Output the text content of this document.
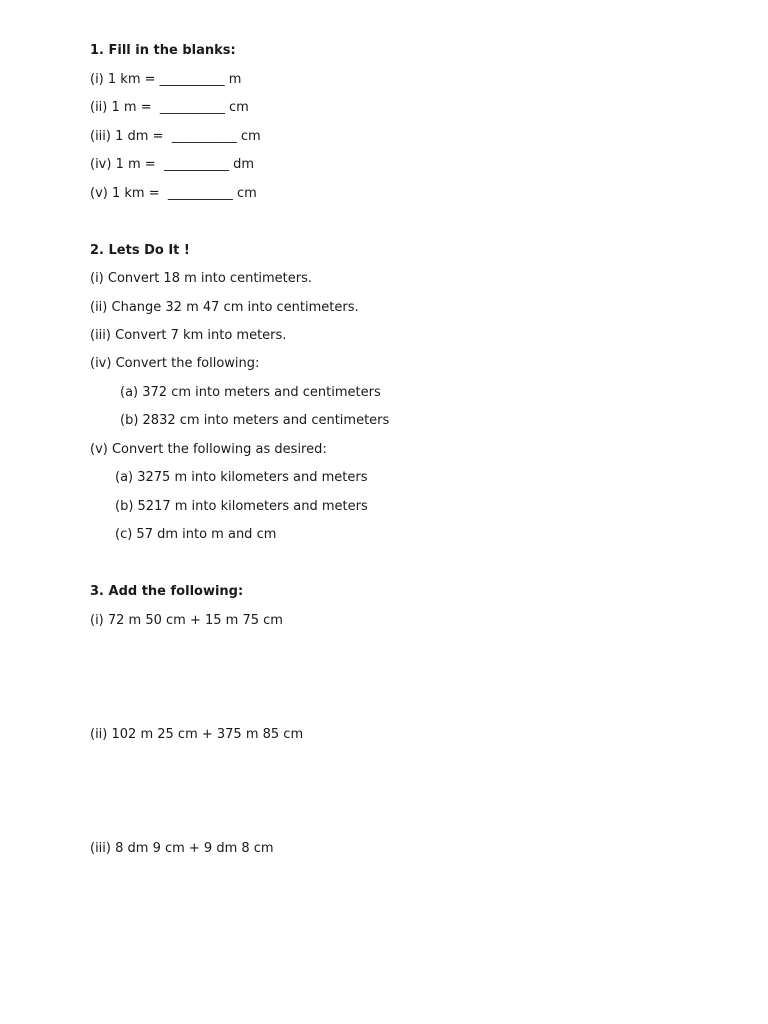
1. Fill in the blanks:
(i) 1 km = __________ m
(ii) 1 m =  __________ cm
(iii) 1 dm =  __________ cm
(iv) 1 m =  __________ dm
(v) 1 km =  __________ cm
2. Lets Do It !
(i) Convert 18 m into centimeters.
(ii) Change 32 m 47 cm into centimeters.
(iii) Convert 7 km into meters.
(iv) Convert the following:
(a) 372 cm into meters and centimeters
(b) 2832 cm into meters and centimeters
(v) Convert the following as desired:
(a) 3275 m into kilometers and meters
(b) 5217 m into kilometers and meters
(c) 57 dm into m and cm
3. Add the following:
(i) 72 m 50 cm + 15 m 75 cm
(ii) 102 m 25 cm + 375 m 85 cm
(iii) 8 dm 9 cm + 9 dm 8 cm
